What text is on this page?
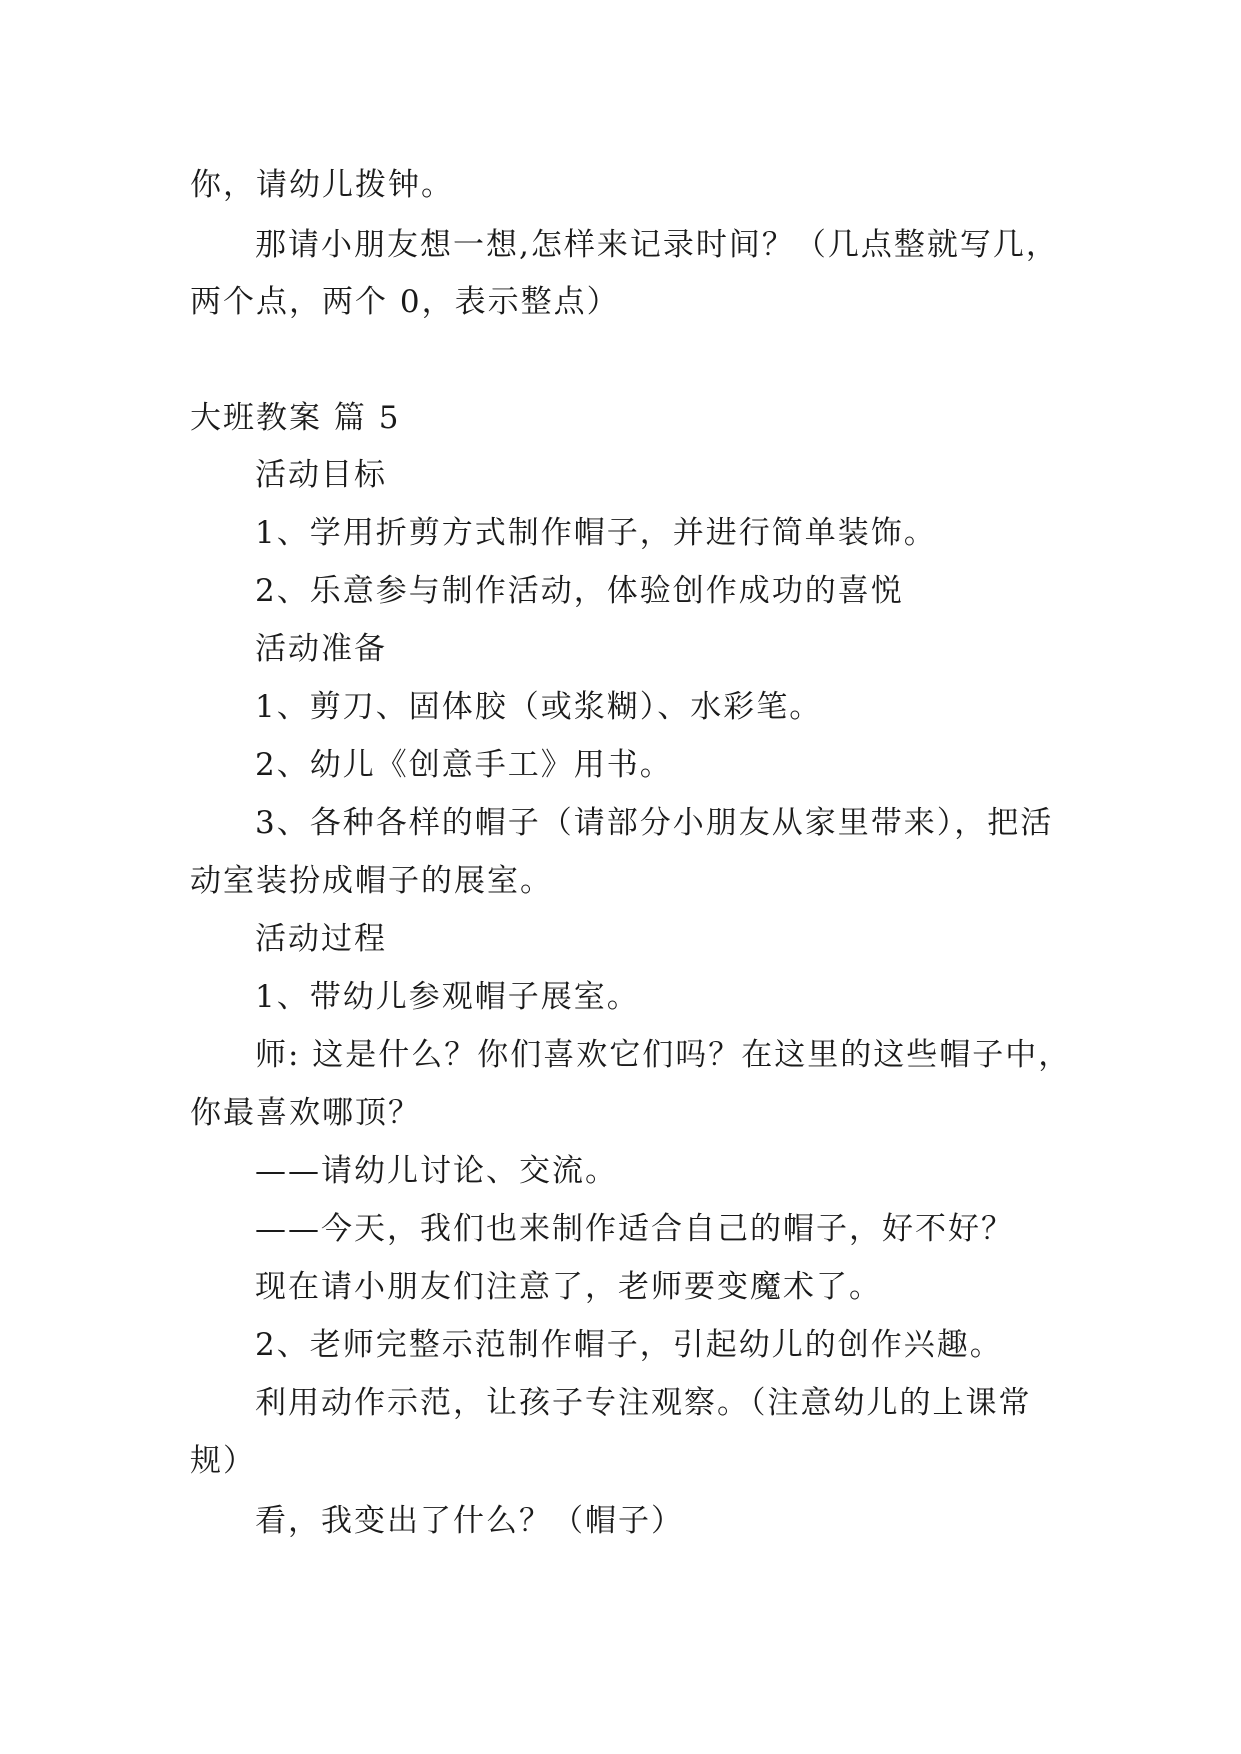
你，请幼儿拨钟。
那请小朋友想一想,怎样来记录时间？（几点整就写几，
两个点，两个 0，表示整点）
大班教案 篇 5
活动目标
1、学用折剪方式制作帽子，并进行简单装饰。
2、乐意参与制作活动，体验创作成功的喜悦
活动准备
1、剪刀、固体胶（或浆糊）、水彩笔。
2、幼儿《创意手工》用书。
3、各种各样的帽子（请部分小朋友从家里带来），把活
动室装扮成帽子的展室。
活动过程
1、带幼儿参观帽子展室。
师: 这是什么？你们喜欢它们吗？在这里的这些帽子中，
你最喜欢哪顶？
——请幼儿讨论、交流。
——今天，我们也来制作适合自己的帽子，好不好？
现在请小朋友们注意了，老师要变魔术了。
2、老师完整示范制作帽子，引起幼儿的创作兴趣。
利用动作示范，让孩子专注观察。（注意幼儿的上课常
规）
看，我变出了什么？（帽子）
